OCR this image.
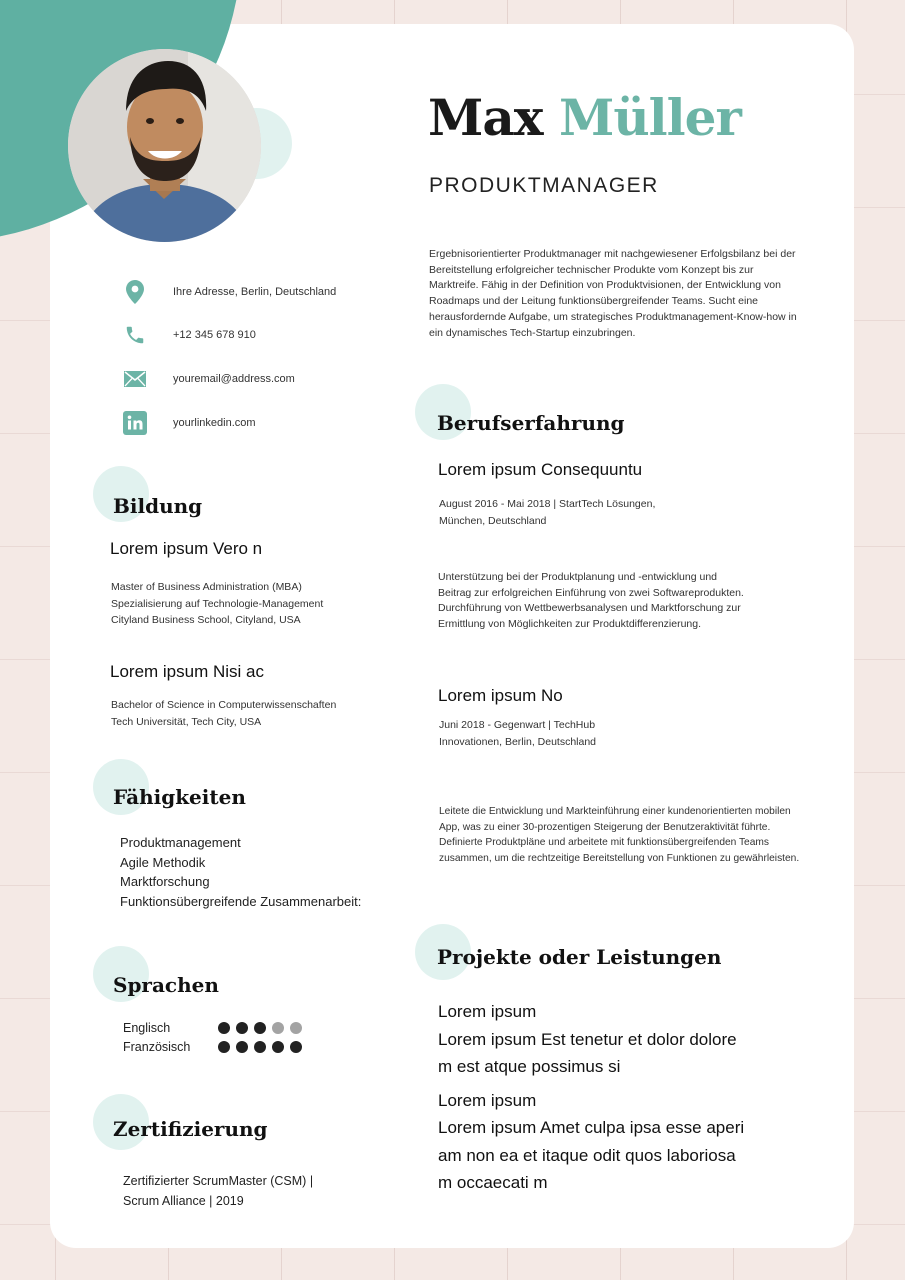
Max Müller
PRODUKTMANAGER
Ergebnisorientierter Produktmanager mit nachgewiesener Erfolgsbilanz bei der Bereitstellung erfolgreicher technischer Produkte vom Konzept bis zur Marktreife. Fähig in der Definition von Produktvisionen, der Entwicklung von Roadmaps und der Leitung funktionsübergreifender Teams. Sucht eine herausfordernde Aufgabe, um strategisches Produktmanagement-Know-how in ein dynamisches Tech-Startup einzubringen.
Ihre Adresse, Berlin, Deutschland
+12 345 678 910
youremail@address.com
yourlinkedin.com
Bildung
Lorem ipsum Vero n
Master of Business Administration (MBA)
Spezialisierung auf Technologie-Management
Cityland Business School, Cityland, USA
Lorem ipsum Nisi ac
Bachelor of Science in Computerwissenschaften
Tech Universität, Tech City, USA
Fähigkeiten
Produktmanagement
Agile Methodik
Marktforschung
Funktionsübergreifende Zusammenarbeit:
Sprachen
Englisch
Französisch
Zertifizierung
Zertifizierter ScrumMaster (CSM) |
Scrum Alliance | 2019
Berufserfahrung
Lorem ipsum Consequuntu
August 2016 - Mai 2018 | StartTech Lösungen,
München, Deutschland
Unterstützung bei der Produktplanung und -entwicklung und
Beitrag zur erfolgreichen Einführung von zwei Softwareprodukten.
Durchführung von Wettbewerbsanalysen und Marktforschung zur
Ermittlung von Möglichkeiten zur Produktdifferenzierung.
Lorem ipsum No
Juni 2018 - Gegenwart | TechHub
Innovationen, Berlin, Deutschland
Leitete die Entwicklung und Markteinführung einer kundenorientierten mobilen
App, was zu einer 30-prozentigen Steigerung der Benutzeraktivität führte.
Definierte Produktpläne und arbeitete mit funktionsübergreifenden Teams
zusammen, um die rechtzeitige Bereitstellung von Funktionen zu gewährleisten.
Projekte oder Leistungen
Lorem ipsum
Lorem ipsum Est tenetur et dolor dolore
m est atque possimus si
Lorem ipsum
Lorem ipsum Amet culpa ipsa esse aperi
am non ea et itaque odit quos laboriosa
m occaecati m
